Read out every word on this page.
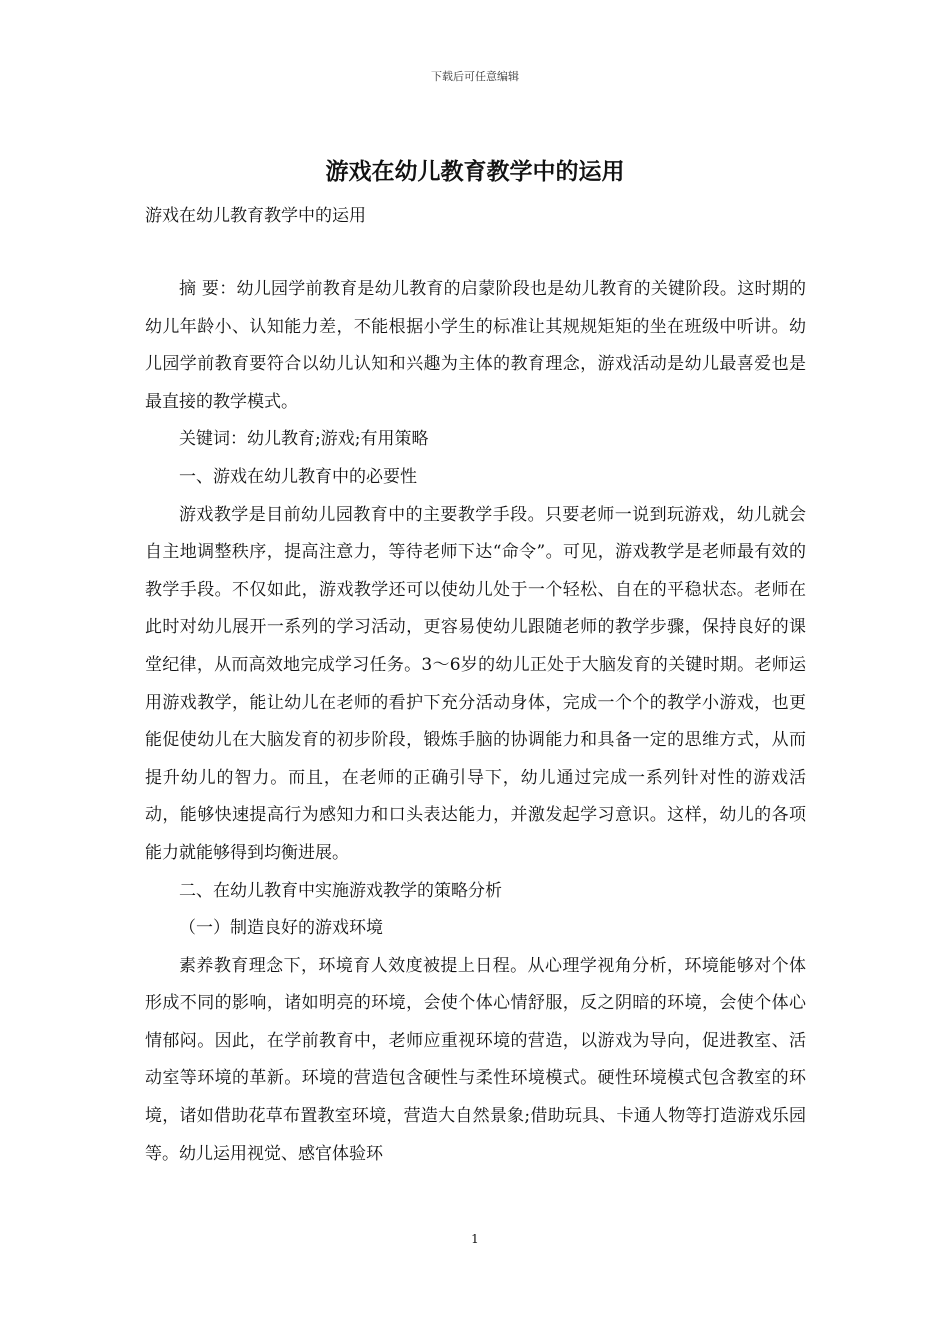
下载后可任意编辑
游戏在幼儿教育教学中的运用

游戏在幼儿教育教学中的运用

摘 要：幼儿园学前教育是幼儿教育的启蒙阶段也是幼儿教育的关键阶段。这时期的幼儿年龄小、认知能力差，不能根据小学生的标准让其规规矩矩的坐在班级中听讲。幼儿园学前教育要符合以幼儿认知和兴趣为主体的教育理念，游戏活动是幼儿最喜爱也是最直接的教学模式。

关键词：幼儿教育;游戏;有用策略

一、游戏在幼儿教育中的必要性

游戏教学是目前幼儿园教育中的主要教学手段。只要老师一说到玩游戏，幼儿就会自主地调整秩序，提高注意力，等待老师下达“命令”。可见，游戏教学是老师最有效的教学手段。不仅如此，游戏教学还可以使幼儿处于一个轻松、自在的平稳状态。老师在此时对幼儿展开一系列的学习活动，更容易使幼儿跟随老师的教学步骤，保持良好的课堂纪律，从而高效地完成学习任务。3～6岁的幼儿正处于大脑发育的关键时期。老师运用游戏教学，能让幼儿在老师的看护下充分活动身体，完成一个个的教学小游戏，也更能促使幼儿在大脑发育的初步阶段，锻炼手脑的协调能力和具备一定的思维方式，从而提升幼儿的智力。而且，在老师的正确引导下，幼儿通过完成一系列针对性的游戏活动，能够快速提高行为感知力和口头表达能力，并激发起学习意识。这样，幼儿的各项能力就能够得到均衡进展。

二、在幼儿教育中实施游戏教学的策略分析

（一）制造良好的游戏环境

素养教育理念下，环境育人效度被提上日程。从心理学视角分析，环境能够对个体形成不同的影响，诸如明亮的环境，会使个体心情舒服，反之阴暗的环境，会使个体心情郁闷。因此，在学前教育中，老师应重视环境的营造，以游戏为导向，促进教室、活动室等环境的革新。环境的营造包含硬性与柔性环境模式。硬性环境模式包含教室的环境，诸如借助花草布置教室环境，营造大自然景象;借助玩具、卡通人物等打造游戏乐园等。幼儿运用视觉、感官体验环

1
